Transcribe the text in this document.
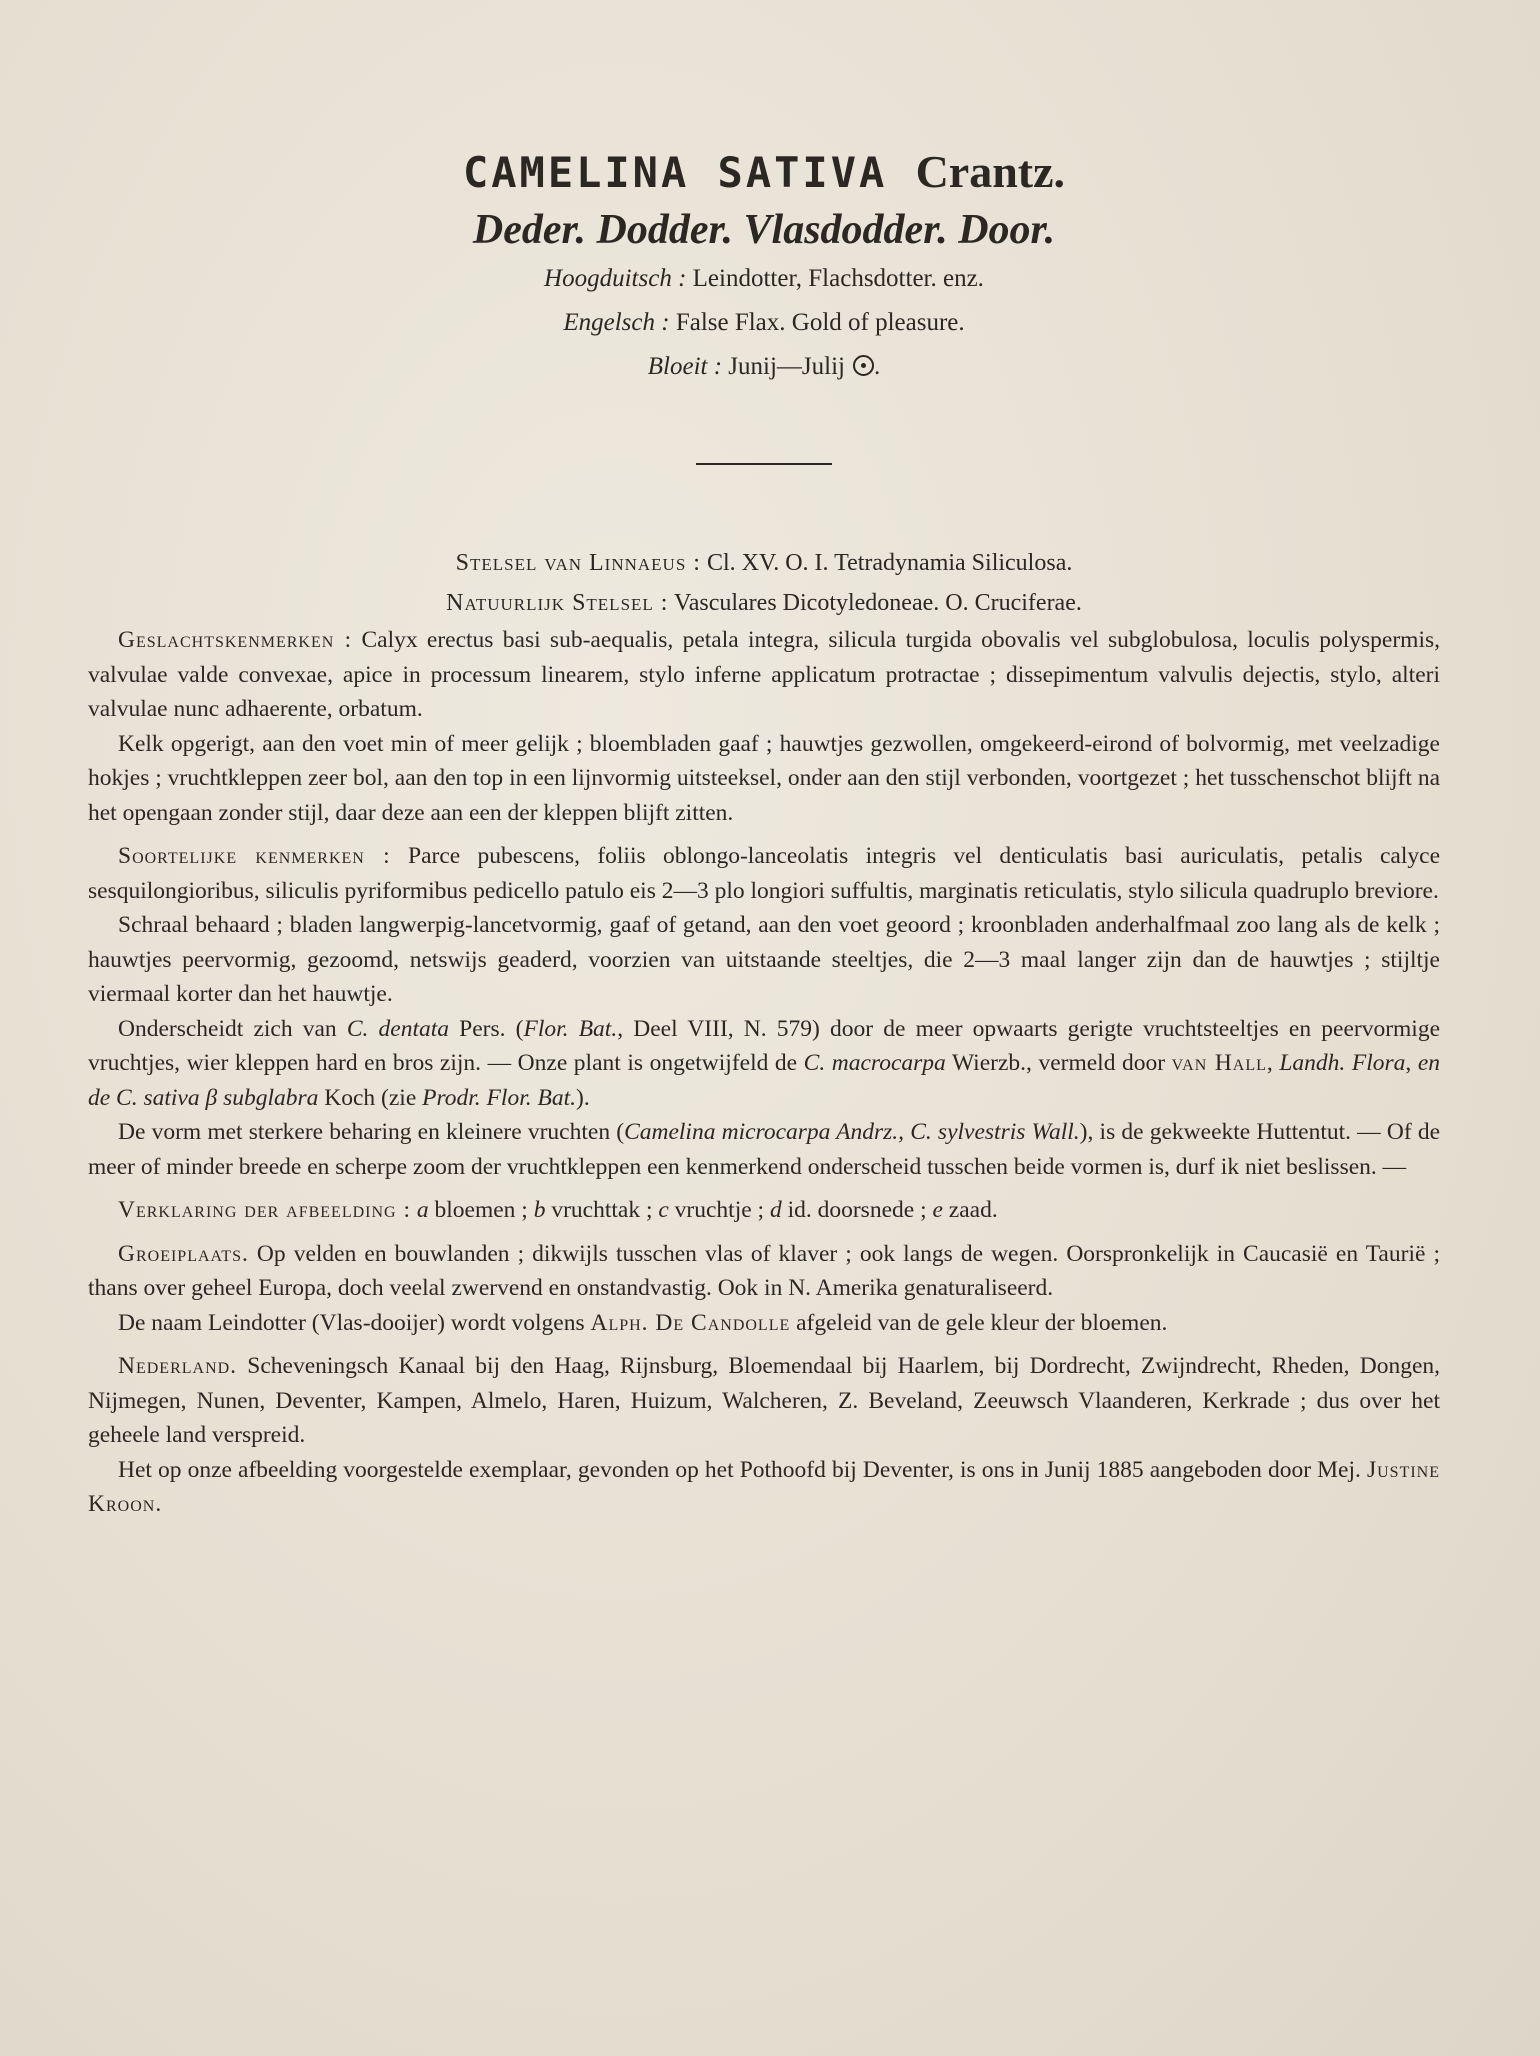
CAMELINA SATIVA Crantz.
Deder. Dodder. Vlasdodder. Door.
Hoogduitsch : Leindotter, Flachsdotter. enz.
Engelsch : False Flax. Gold of pleasure.
Bloeit : Junij—Julij .

Stelsel van Linnaeus : Cl. XV. O. I. Tetradynamia Siliculosa.

Natuurlijk Stelsel : Vasculares Dicotyledoneae. O. Cruciferae.

Geslachtskenmerken : Calyx erectus basi sub-aequalis, petala integra, silicula turgida obovalis vel subglobulosa, loculis polyspermis, valvulae valde convexae, apice in processum linearem, stylo inferne applicatum protractae ; dissepimentum valvulis dejectis, stylo, alteri valvulae nunc adhaerente, orbatum.

Kelk opgerigt, aan den voet min of meer gelijk ; bloembladen gaaf ; hauwtjes gezwollen, omgekeerd-eirond of bolvormig, met veelzadige hokjes ; vruchtkleppen zeer bol, aan den top in een lijnvormig uitsteeksel, onder aan den stijl verbonden, voortgezet ; het tusschenschot blijft na het opengaan zonder stijl, daar deze aan een der kleppen blijft zitten.

Soortelijke kenmerken : Parce pubescens, foliis oblongo-lanceolatis integris vel denticulatis basi auriculatis, petalis calyce sesquilongioribus, siliculis pyriformibus pedicello patulo eis 2—3 plo longiori suffultis, marginatis reticulatis, stylo silicula quadruplo breviore.

Schraal behaard ; bladen langwerpig-lancetvormig, gaaf of getand, aan den voet geoord ; kroonbladen anderhalfmaal zoo lang als de kelk ; hauwtjes peervormig, gezoomd, netswijs geaderd, voorzien van uitstaande steeltjes, die 2—3 maal langer zijn dan de hauwtjes ; stijltje viermaal korter dan het hauwtje.

Onderscheidt zich van C. dentata Pers. (Flor. Bat., Deel VIII, N. 579) door de meer opwaarts gerigte vruchtsteeltjes en peervormige vruchtjes, wier kleppen hard en bros zijn. — Onze plant is ongetwijfeld de C. macrocarpa Wierzb., vermeld door van Hall, Landh. Flora, en de C. sativa β subglabra Koch (zie Prodr. Flor. Bat.).

De vorm met sterkere beharing en kleinere vruchten (Camelina microcarpa Andrz., C. sylvestris Wall.), is de gekweekte Huttentut. — Of de meer of minder breede en scherpe zoom der vruchtkleppen een kenmerkend onderscheid tusschen beide vormen is, durf ik niet beslissen. —

Verklaring der afbeelding : a bloemen ; b vruchttak ; c vruchtje ; d id. doorsnede ; e zaad.

Groeiplaats. Op velden en bouwlanden ; dikwijls tusschen vlas of klaver ; ook langs de wegen. Oorspronkelijk in Caucasië en Taurië ; thans over geheel Europa, doch veelal zwervend en onstandvastig. Ook in N. Amerika genaturaliseerd.

De naam Leindotter (Vlas-dooijer) wordt volgens Alph. De Candolle afgeleid van de gele kleur der bloemen.

Nederland. Scheveningsch Kanaal bij den Haag, Rijnsburg, Bloemendaal bij Haarlem, bij Dordrecht, Zwijndrecht, Rheden, Dongen, Nijmegen, Nunen, Deventer, Kampen, Almelo, Haren, Huizum, Walcheren, Z. Beveland, Zeeuwsch Vlaanderen, Kerkrade ; dus over het geheele land verspreid.

Het op onze afbeelding voorgestelde exemplaar, gevonden op het Pothoofd bij Deventer, is ons in Junij 1885 aangeboden door Mej. Justine Kroon.
